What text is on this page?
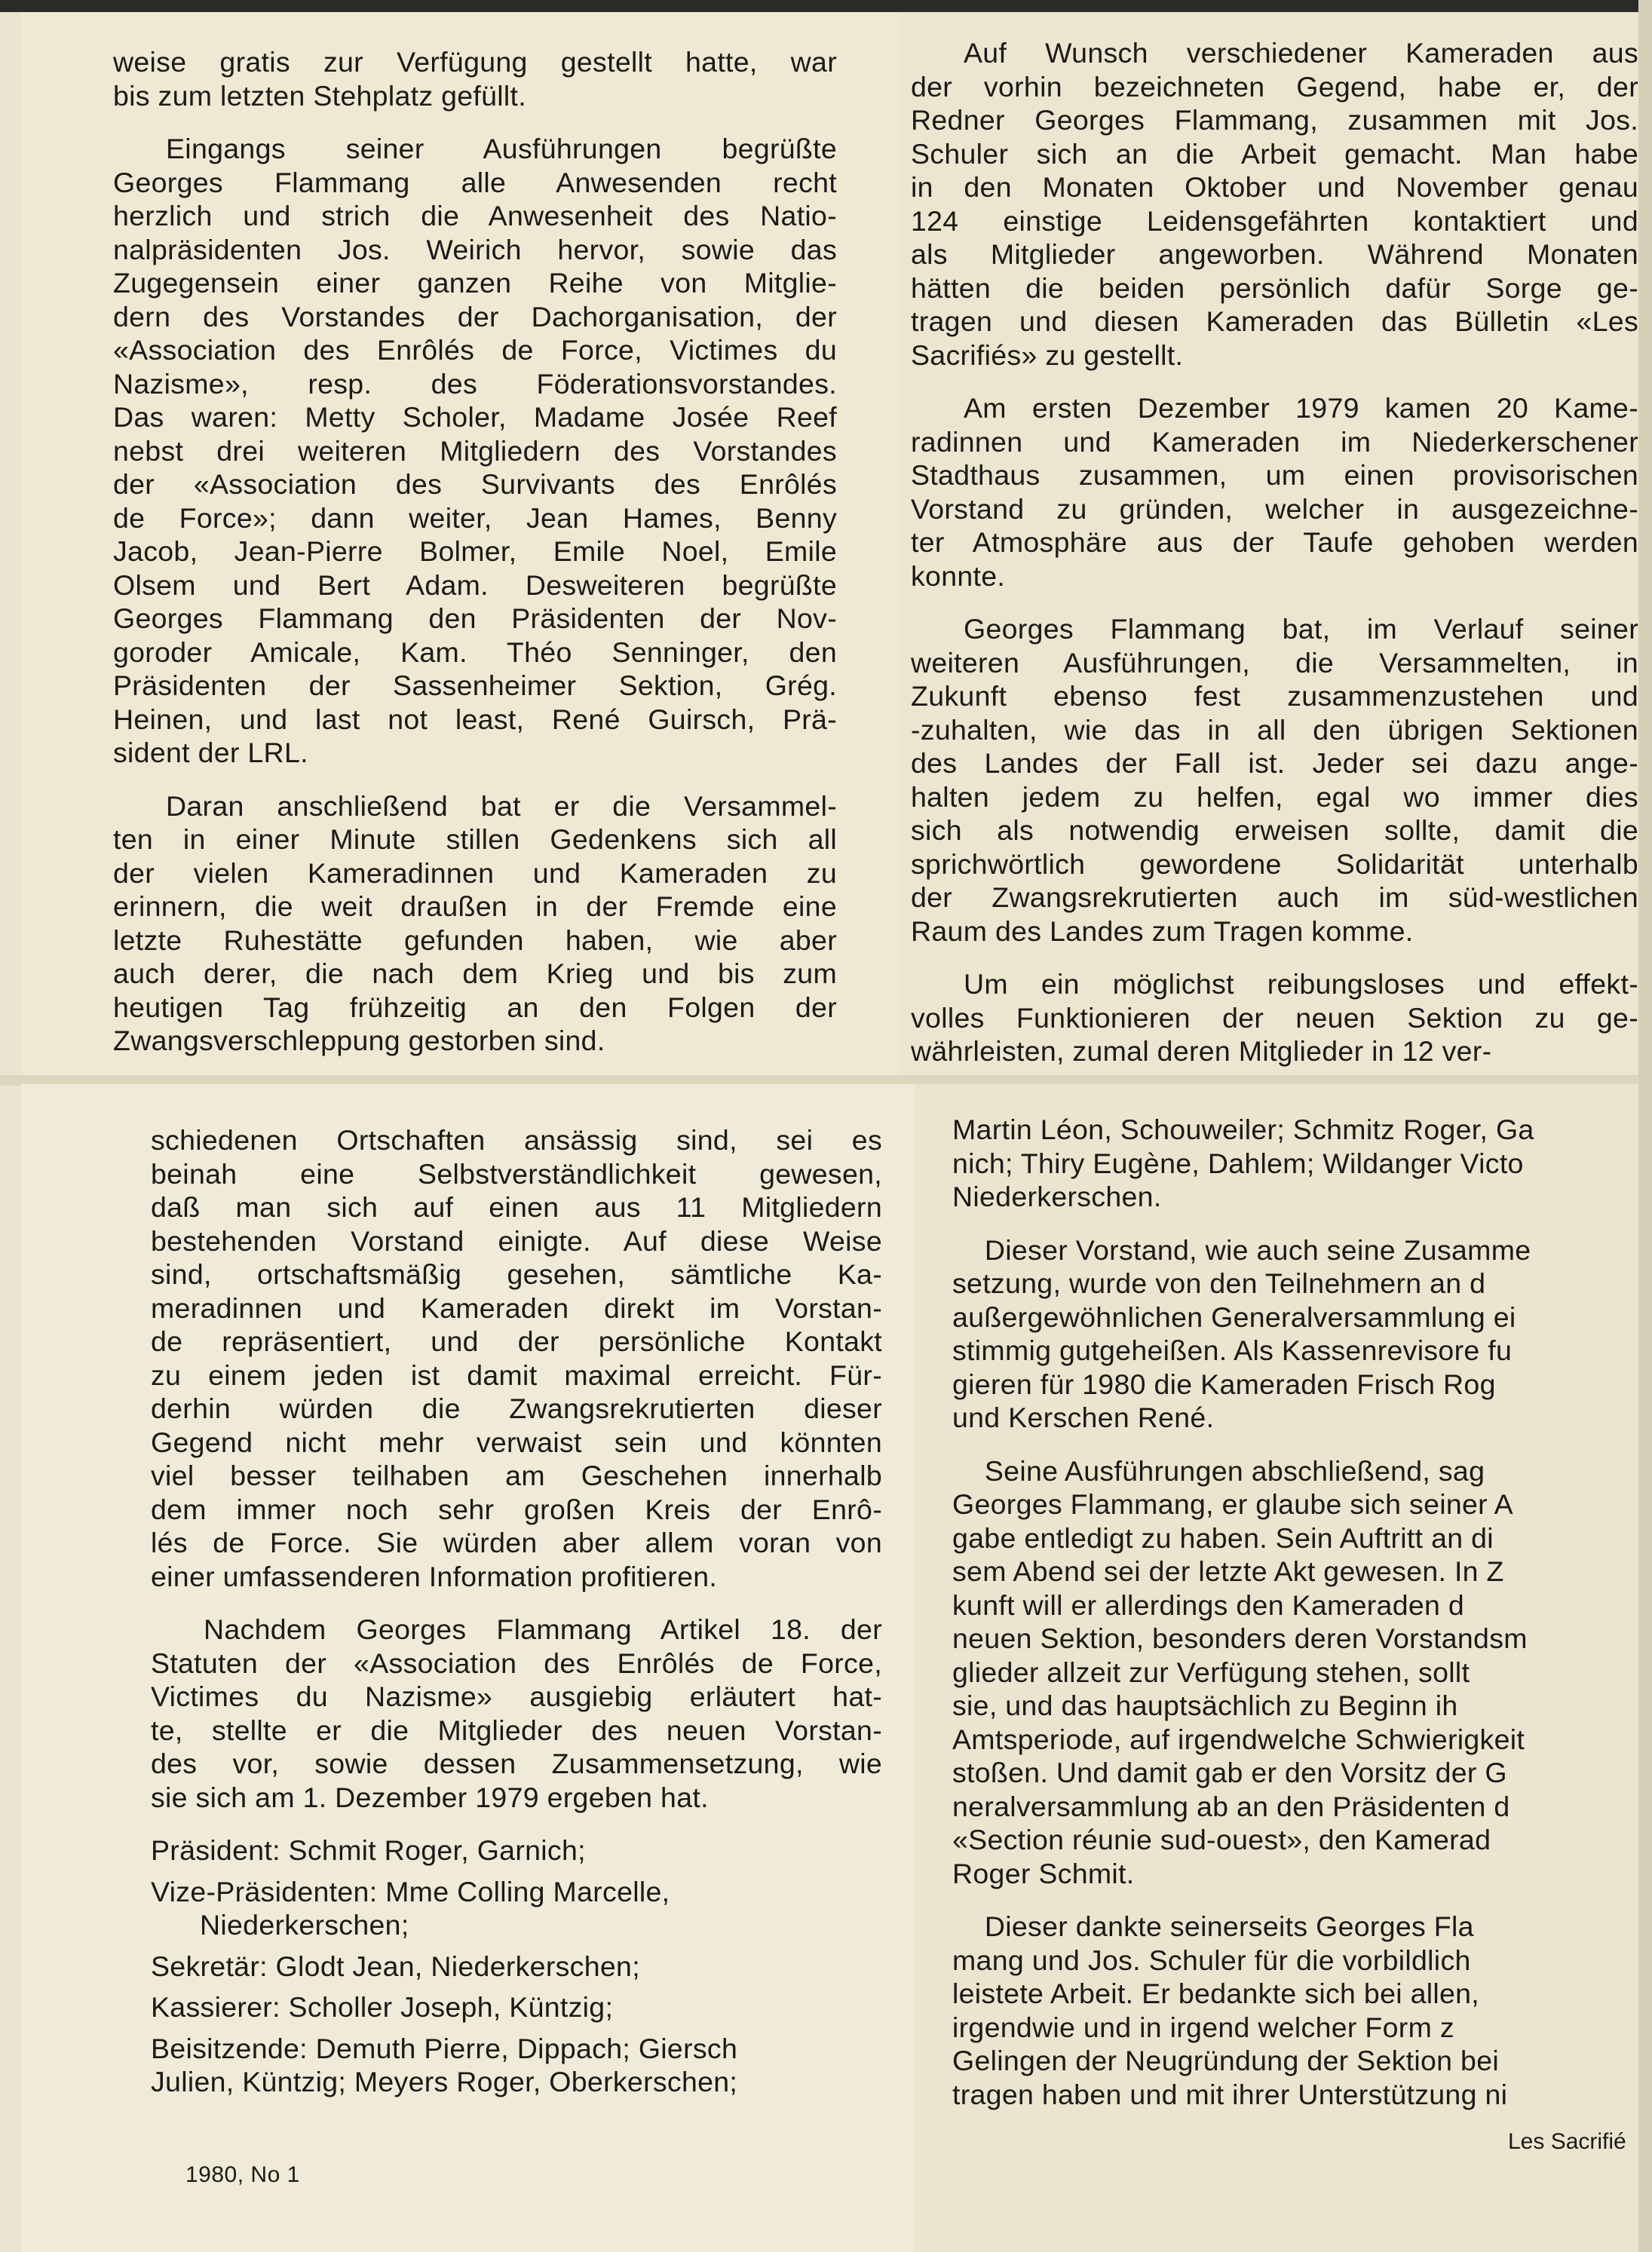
weise gratis zur Verfügung gestellt hatte, war
bis zum letzten Stehplatz gefüllt.

Eingangs seiner Ausführungen begrüßte
Georges Flammang alle Anwesenden recht
herzlich und strich die Anwesenheit des Natio-
nalpräsidenten Jos. Weirich hervor, sowie das
Zugegensein einer ganzen Reihe von Mitglie-
dern des Vorstandes der Dachorganisation, der
«Association des Enrôlés de Force, Victimes du
Nazisme», resp. des Föderationsvorstandes.
Das waren: Metty Scholer, Madame Josée Reef
nebst drei weiteren Mitgliedern des Vorstandes
der «Association des Survivants des Enrôlés
de Force»; dann weiter, Jean Hames, Benny
Jacob, Jean-Pierre Bolmer, Emile Noel, Emile
Olsem und Bert Adam. Desweiteren begrüßte
Georges Flammang den Präsidenten der Nov-
goroder Amicale, Kam. Théo Senninger, den
Präsidenten der Sassenheimer Sektion, Grég.
Heinen, und last not least, René Guirsch, Prä-
sident der LRL.

Daran anschließend bat er die Versammel-
ten in einer Minute stillen Gedenkens sich all
der vielen Kameradinnen und Kameraden zu
erinnern, die weit draußen in der Fremde eine
letzte Ruhestätte gefunden haben, wie aber
auch derer, die nach dem Krieg und bis zum
heutigen Tag frühzeitig an den Folgen der
Zwangsverschleppung gestorben sind.

Auf Wunsch verschiedener Kameraden aus
der vorhin bezeichneten Gegend, habe er, der
Redner Georges Flammang, zusammen mit Jos.
Schuler sich an die Arbeit gemacht. Man habe
in den Monaten Oktober und November genau
124 einstige Leidensgefährten kontaktiert und
als Mitglieder angeworben. Während Monaten
hätten die beiden persönlich dafür Sorge ge-
tragen und diesen Kameraden das Bülletin «Les
Sacrifiés» zu gestellt.

Am ersten Dezember 1979 kamen 20 Kame-
radinnen und Kameraden im Niederkerschener
Stadthaus zusammen, um einen provisorischen
Vorstand zu gründen, welcher in ausgezeichne-
ter Atmosphäre aus der Taufe gehoben werden
konnte.

Georges Flammang bat, im Verlauf seiner
weiteren Ausführungen, die Versammelten, in
Zukunft ebenso fest zusammenzustehen und
-zuhalten, wie das in all den übrigen Sektionen
des Landes der Fall ist. Jeder sei dazu ange-
halten jedem zu helfen, egal wo immer dies
sich als notwendig erweisen sollte, damit die
sprichwörtlich gewordene Solidarität unterhalb
der Zwangsrekrutierten auch im süd-westlichen
Raum des Landes zum Tragen komme.

Um ein möglichst reibungsloses und effekt-
volles Funktionieren der neuen Sektion zu ge-
währleisten, zumal deren Mitglieder in 12 ver-

schiedenen Ortschaften ansässig sind, sei es
beinah eine Selbstverständlichkeit gewesen,
daß man sich auf einen aus 11 Mitgliedern
bestehenden Vorstand einigte. Auf diese Weise
sind, ortschaftsmäßig gesehen, sämtliche Ka-
meradinnen und Kameraden direkt im Vorstan-
de repräsentiert, und der persönliche Kontakt
zu einem jeden ist damit maximal erreicht. Für-
derhin würden die Zwangsrekrutierten dieser
Gegend nicht mehr verwaist sein und könnten
viel besser teilhaben am Geschehen innerhalb
dem immer noch sehr großen Kreis der Enrô-
lés de Force. Sie würden aber allem voran von
einer umfassenderen Information profitieren.

Nachdem Georges Flammang Artikel 18. der
Statuten der «Association des Enrôlés de Force,
Victimes du Nazisme» ausgiebig erläutert hat-
te, stellte er die Mitglieder des neuen Vorstan-
des vor, sowie dessen Zusammensetzung, wie
sie sich am 1. Dezember 1979 ergeben hat.

Präsident: Schmit Roger, Garnich;
Vize-Präsidenten: Mme Colling Marcelle,
Niederkerschen;
Sekretär: Glodt Jean, Niederkerschen;
Kassierer: Scholler Joseph, Küntzig;
Beisitzende: Demuth Pierre, Dippach; Giersch
Julien, Küntzig; Meyers Roger, Oberkerschen;

Martin Léon, Schouweiler; Schmitz Roger, Ga
nich; Thiry Eugène, Dahlem; Wildanger Victo
Niederkerschen.

Dieser Vorstand, wie auch seine Zusamme
setzung, wurde von den Teilnehmern an d
außergewöhnlichen Generalversammlung ei
stimmig gutgeheißen. Als Kassenrevisore fu
gieren für 1980 die Kameraden Frisch Rog
und Kerschen René.

Seine Ausführungen abschließend, sag
Georges Flammang, er glaube sich seiner A
gabe entledigt zu haben. Sein Auftritt an di
sem Abend sei der letzte Akt gewesen. In Z
kunft will er allerdings den Kameraden d
neuen Sektion, besonders deren Vorstandsm
glieder allzeit zur Verfügung stehen, sollt
sie, und das hauptsächlich zu Beginn ih
Amtsperiode, auf irgendwelche Schwierigkeit
stoßen. Und damit gab er den Vorsitz der G
neralversammlung ab an den Präsidenten d
«Section réunie sud-ouest», den Kamerad
Roger Schmit.

Dieser dankte seinerseits Georges Fla
mang und Jos. Schuler für die vorbildlich
leistete Arbeit. Er bedankte sich bei allen,
irgendwie und in irgend welcher Form z
Gelingen der Neugründung der Sektion bei
tragen haben und mit ihrer Unterstützung ni

1980, No 1
Les Sacrifié
